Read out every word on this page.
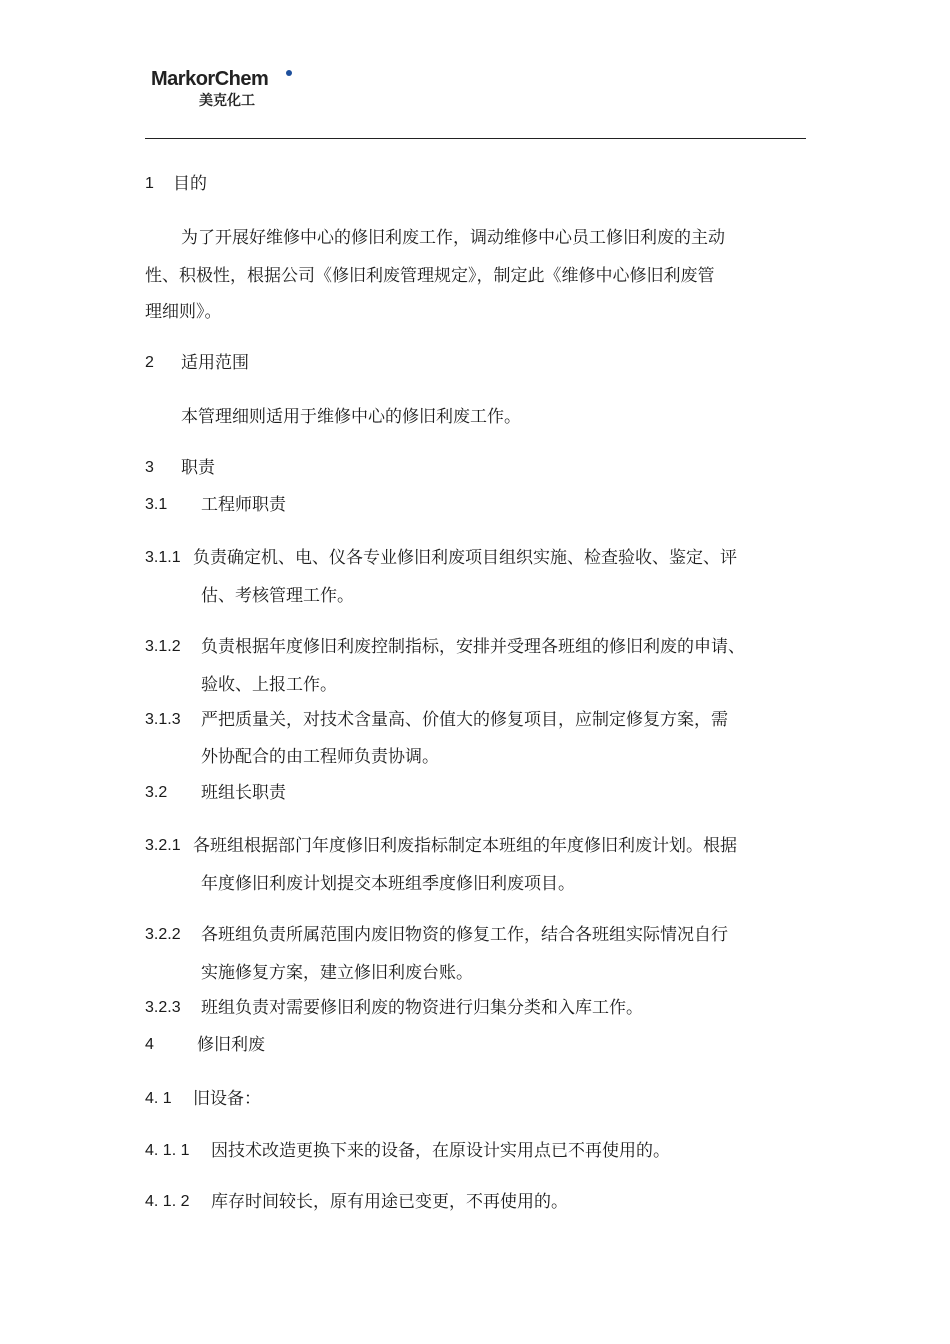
MarkorChem
美克化工
1 目的
为了开展好维修中心的修旧利废工作，调动维修中心员工修旧利废的主动
性、积极性，根据公司《修旧利废管理规定》，制定此《维修中心修旧利废管
理细则》。
2 适用范围
本管理细则适用于维修中心的修旧利废工作。
3 职责
3.1 工程师职责
3.1.1 负责确定机、电、仪各专业修旧利废项目组织实施、检查验收、鉴定、评
估、考核管理工作。
3.1.2 负责根据年度修旧利废控制指标，安排并受理各班组的修旧利废的申请、
验收、上报工作。
3.1.3 严把质量关，对技术含量高、价值大的修复项目，应制定修复方案，需
外协配合的由工程师负责协调。
3.2 班组长职责
3.2.1 各班组根据部门年度修旧利废指标制定本班组的年度修旧利废计划。根据
年度修旧利废计划提交本班组季度修旧利废项目。
3.2.2 各班组负责所属范围内废旧物资的修复工作，结合各班组实际情况自行
实施修复方案，建立修旧利废台账。
3.2.3 班组负责对需要修旧利废的物资进行归集分类和入库工作。
4	修旧利废
4. 1 旧设备：
4. 1. 1 因技术改造更换下来的设备，在原设计实用点已不再使用的。
4. 1. 2 库存时间较长，原有用途已变更，不再使用的。
